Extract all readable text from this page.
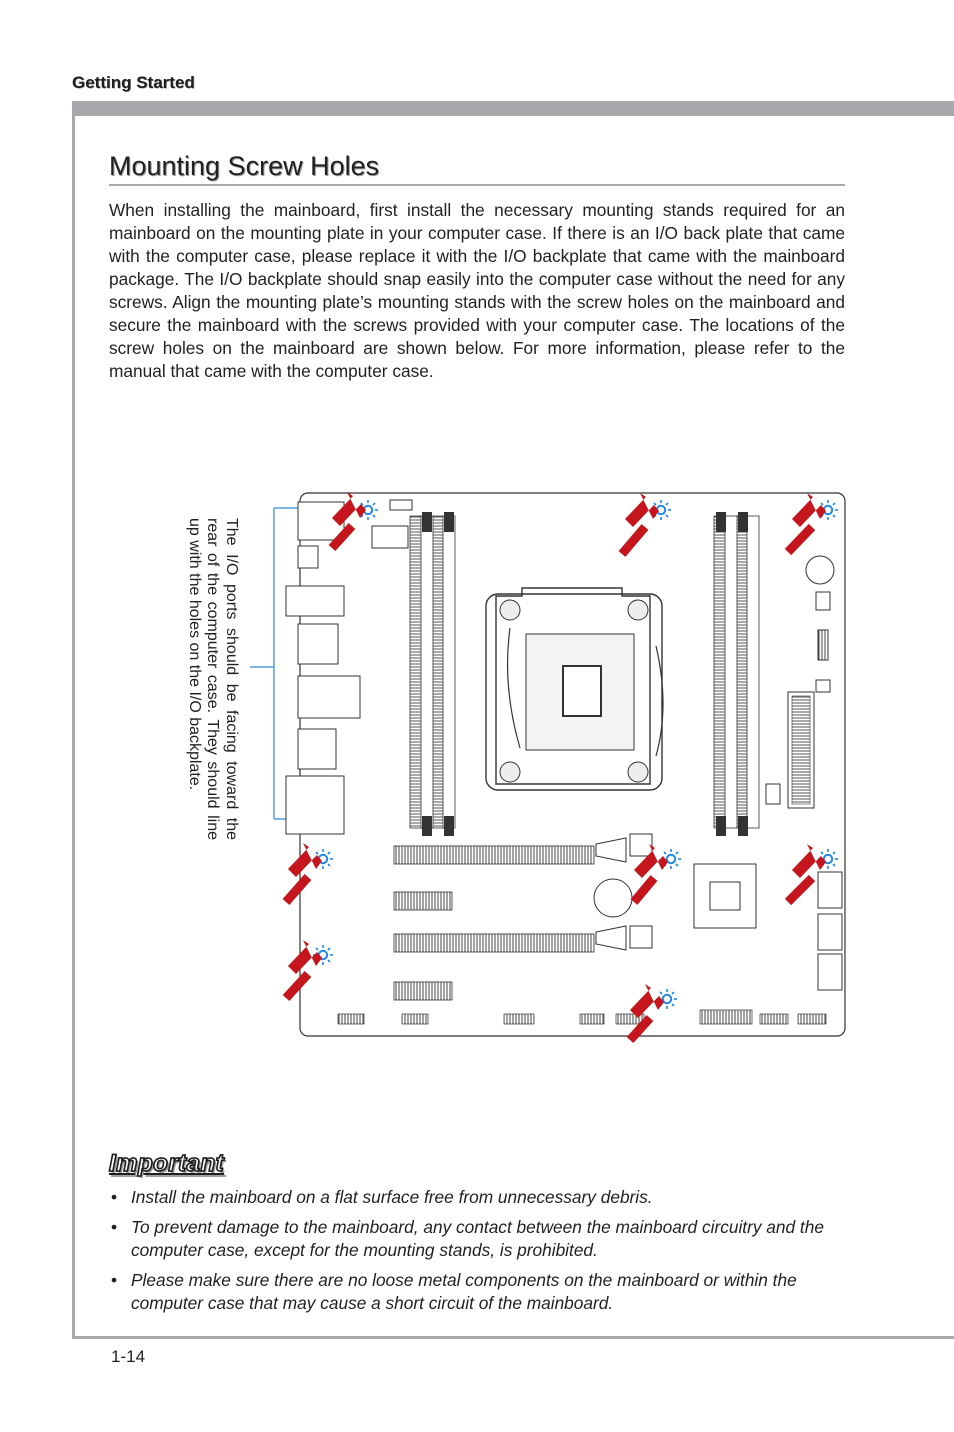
Getting Started
Mounting Screw Holes

When installing the mainboard, first install the necessary mounting stands required for an mainboard on the mounting plate in your computer case. If there is an I/O back plate that came with the computer case, please replace it with the I/O backplate that came with the mainboard package. The I/O backplate should snap easily into the computer case without the need for any screws. Align the mounting plate’s mounting stands with the screw holes on the mainboard and secure the mainboard with the screws provided with your computer case. The locations of the screw holes on the mainboard are shown below. For more information, please refer to the manual that came with the computer case.

The I/O ports should be facing toward the rear of the computer case. They should line up with the holes on the I/O backplate.

Important
• Install the mainboard on a flat surface free from unnecessary debris.
• To prevent damage to the mainboard, any contact between the mainboard circuitry and the computer case, except for the mounting stands, is prohibited.
• Please make sure there are no loose metal components on the mainboard or within the computer case that may cause a short circuit of the mainboard.
1-14
